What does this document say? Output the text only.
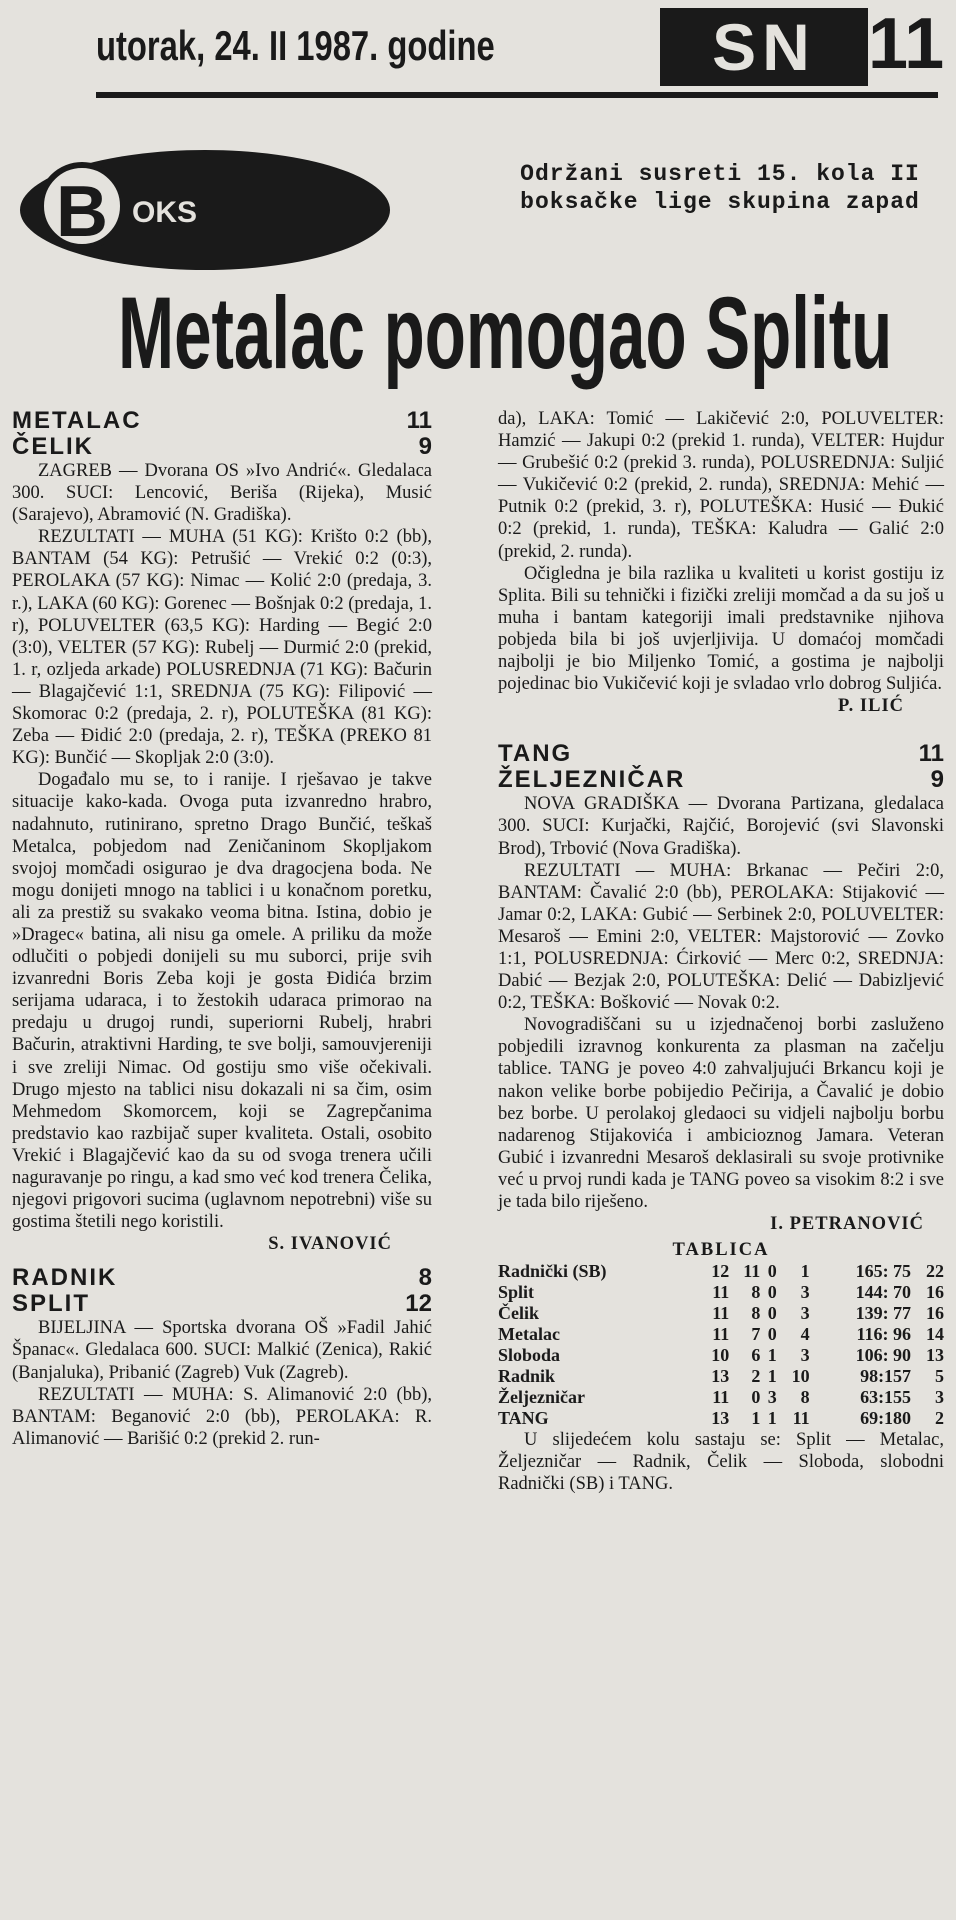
utorak, 24. II 1987. godine	SN 11
B OKS
Održani susreti 15. kola II boksačke lige skupina zapad
Metalac pomogao Splitu
METALAC	11
ČELIK	9

ZAGREB — Dvorana OS »Ivo Andrić«. Gledalaca 300. SUCI: Lencović, Beriša (Rijeka), Musić (Sarajevo), Abramović (N. Gradiška).

REZULTATI — MUHA (51 KG): Krišto 0:2 (bb), BANTAM (54 KG): Petrušić — Vrekić 0:2 (0:3), PEROLAKA (57 KG): Nimac — Kolić 2:0 (predaja, 3. r.), LAKA (60 KG): Gorenec — Bošnjak 0:2 (predaja, 1. r), POLUVELTER (63,5 KG): Harding — Begić 2:0 (3:0), VELTER (57 KG): Rubelj — Durmić 2:0 (prekid, 1. r, ozljeda arkade) POLUSREDNJA (71 KG): Bačurin — Blagajčević 1:1, SREDNJA (75 KG): Filipović — Skomorac 0:2 (predaja, 2. r), POLUTEŠKA (81 KG): Zeba — Đidić 2:0 (predaja, 2. r), TEŠKA (PREKO 81 KG): Bunčić — Skopljak 2:0 (3:0).

Događalo mu se, to i ranije. I rješavao je takve situacije kako-kada. Ovoga puta izvanredno hrabro, nadahnuto, rutinirano, spretno Drago Bunčić, teškaš Metalca, pobjedom nad Zeničaninom Skopljakom svojoj momčadi osigurao je dva dragocjena boda. Ne mogu donijeti mnogo na tablici i u konačnom poretku, ali za prestiž su svakako veoma bitna. Istina, dobio je »Dragec« batina, ali nisu ga omele. A priliku da može odlučiti o pobjedi donijeli su mu suborci, prije svih izvanredni Boris Zeba koji je gosta Đidića brzim serijama udaraca, i to žestokih udaraca primorao na predaju u drugoj rundi, superiorni Rubelj, hrabri Bačurin, atraktivni Harding, te sve bolji, samouvjereniji i sve zreliji Nimac. Od gostiju smo više očekivali. Drugo mjesto na tablici nisu dokazali ni sa čim, osim Mehmedom Skomorcem, koji se Zagrepčanima predstavio kao razbijač super kvaliteta. Ostali, osobito Vrekić i Blagajčević kao da su od svoga trenera učili naguravanje po ringu, a kad smo već kod trenera Čelika, njegovi prigovori sucima (uglavnom nepotrebni) više su gostima štetili nego koristili.

S. IVANOVIĆ

RADNIK	8
SPLIT	12

BIJELJINA — Sportska dvorana OŠ »Fadil Jahić Španac«. Gledalaca 600. SUCI: Malkić (Zenica), Rakić (Banjaluka), Pribanić (Zagreb) Vuk (Zagreb).

REZULTATI — MUHA: S. Alimanović 2:0 (bb), BANTAM: Beganović 2:0 (bb), PEROLAKA: R. Alimanović — Barišić 0:2 (prekid 2. run-

da), LAKA: Tomić — Lakičević 2:0, POLUVELTER: Hamzić — Jakupi 0:2 (prekid 1. runda), VELTER: Hujdur — Grubešić 0:2 (prekid 3. runda), POLUSREDNJA: Suljić — Vukičević 0:2 (prekid, 2. runda), SREDNJA: Mehić — Putnik 0:2 (prekid, 3. r), POLUTEŠKA: Husić — Đukić 0:2 (prekid, 1. runda), TEŠKA: Kaludra — Galić 2:0 (prekid, 2. runda).

Očigledna je bila razlika u kvaliteti u korist gostiju iz Splita. Bili su tehnički i fizički zreliji momčad a da su još u muha i bantam kategoriji imali predstavnike njihova pobjeda bila bi još uvjerljivija. U domaćoj momčadi najbolji je bio Miljenko Tomić, a gostima je najbolji pojedinac bio Vukičević koji je svladao vrlo dobrog Suljića.

P. ILIĆ

TANG	11
ŽELJEZNIČAR	9

NOVA GRADIŠKA — Dvorana Partizana, gledalaca 300. SUCI: Kurjački, Rajčić, Borojević (svi Slavonski Brod), Trbović (Nova Gradiška).

REZULTATI — MUHA: Brkanac — Pečiri 2:0, BANTAM: Čavalić 2:0 (bb), PEROLAKA: Stijaković — Jamar 0:2, LAKA: Gubić — Serbinek 2:0, POLUVELTER: Mesaroš — Emini 2:0, VELTER: Majstorović — Zovko 1:1, POLUSREDNJA: Ćirković — Merc 0:2, SREDNJA: Dabić — Bezjak 2:0, POLUTEŠKA: Delić — Dabizljević 0:2, TEŠKA: Bošković — Novak 0:2.

Novogradiščani su u izjednačenoj borbi zasluženo pobjedili izravnog konkurenta za plasman na začelju tablice. TANG je poveo 4:0 zahvaljujući Brkancu koji je nakon velike borbe pobijedio Pečirija, a Čavalić je dobio bez borbe. U perolakoj gledaoci su vidjeli najbolju borbu nadarenog Stijakovića i ambicioznog Jamara. Veteran Gubić i izvanredni Mesaroš deklasirali su svoje protivnike već u prvoj rundi kada je TANG poveo sa visokim 8:2 i sve je tada bilo riješeno.

I. PETRANOVIĆ

TABLICA
Radnički (SB)	12	11	0	1	165: 75	22
Split	11	8	0	3	144: 70	16
Čelik	11	8	0	3	139: 77	16
Metalac	11	7	0	4	116: 96	14
Sloboda	10	6	1	3	106: 90	13
Radnik	13	2	1	10	98:157	5
Željezničar	11	0	3	8	63:155	3
TANG	13	1	1	11	69:180	2

U slijedećem kolu sastaju se: Split — Metalac, Željezničar — Radnik, Čelik — Sloboda, slobodni Radnički (SB) i TANG.
